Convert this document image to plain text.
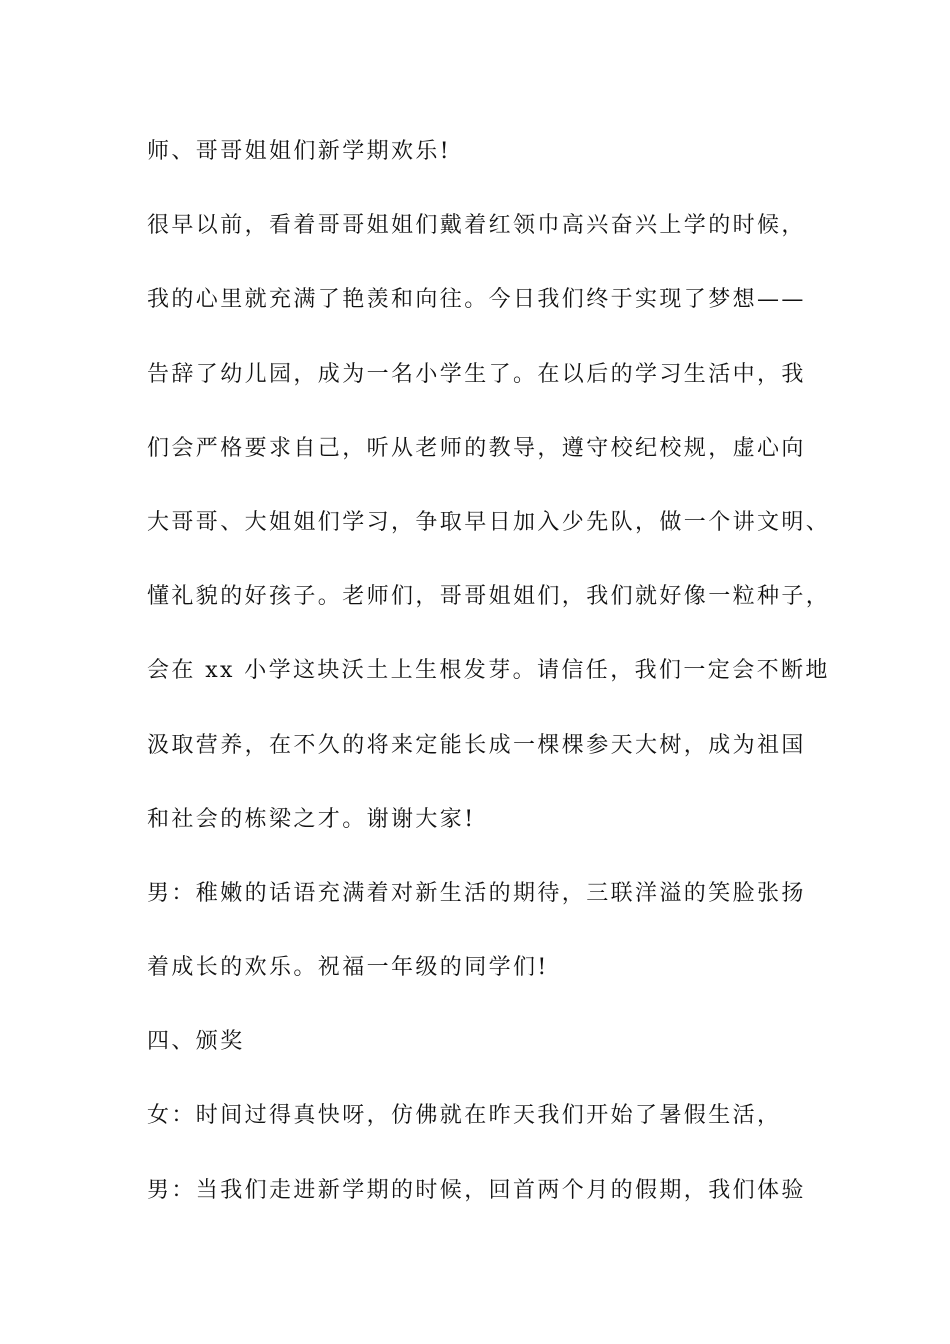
师、哥哥姐姐们新学期欢乐!

很早以前，看着哥哥姐姐们戴着红领巾高兴奋兴上学的时候，

我的心里就充满了艳羡和向往。今日我们终于实现了梦想——

告辞了幼儿园，成为一名小学生了。在以后的学习生活中，我

们会严格要求自己，听从老师的教导，遵守校纪校规，虚心向

大哥哥、大姐姐们学习，争取早日加入少先队，做一个讲文明、

懂礼貌的好孩子。老师们，哥哥姐姐们，我们就好像一粒种子，

会在 xx 小学这块沃土上生根发芽。请信任，我们一定会不断地

汲取营养，在不久的将来定能长成一棵棵参天大树，成为祖国

和社会的栋梁之才。谢谢大家!

男：稚嫩的话语充满着对新生活的期待，三联洋溢的笑脸张扬

着成长的欢乐。祝福一年级的同学们!

四、颁奖

女：时间过得真快呀，仿佛就在昨天我们开始了暑假生活，

男：当我们走进新学期的时候，回首两个月的假期，我们体验
